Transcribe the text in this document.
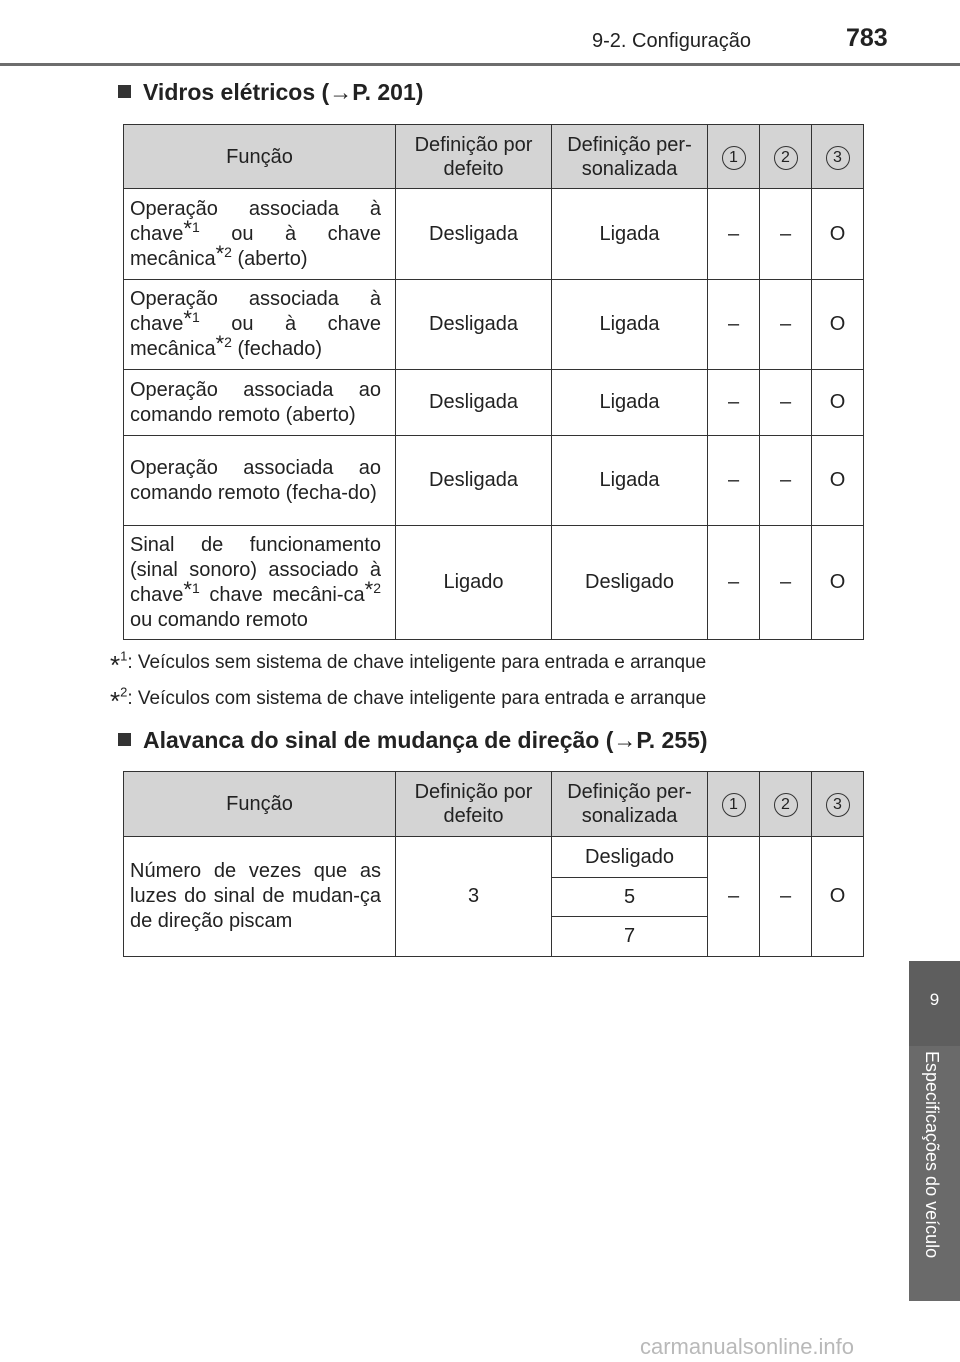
9-2. Configuração	783
Vidros elétricos (→P. 201)
Função	Definição por defeito	Definição per-sonalizada	1	2	3
Operação associada à chave$^{*1}$ ou à chave mecânica$^{*2}$ (aberto)	Desligada	Ligada	–	–	O
Operação associada à chave$^{*1}$ ou à chave mecânica$^{*2}$ (fechado)	Desligada	Ligada	–	–	O
Operação associada ao comando remoto (aberto)	Desligada	Ligada	–	–	O
Operação associada ao comando remoto (fecha-do)	Desligada	Ligada	–	–	O
Sinal de funcionamento (sinal sonoro) associado à chave$^{*1}$ chave mecâni-$ca^{*2}$ ou comando remoto	Ligado	Desligado	–	–	O
*$^1$: Veículos sem sistema de chave inteligente para entrada e arranque
*$^2$: Veículos com sistema de chave inteligente para entrada e arranque
Alavanca do sinal de mudança de direção (→P. 255)
Função	Definição por defeito	Definição per-sonalizada	1	2	3
Número de vezes que as luzes do sinal de mudan-ça de direção piscam	3	Desligado	–	–	O
		5			
		7			
9
Especificações do veículo
carmanualsonline.info
